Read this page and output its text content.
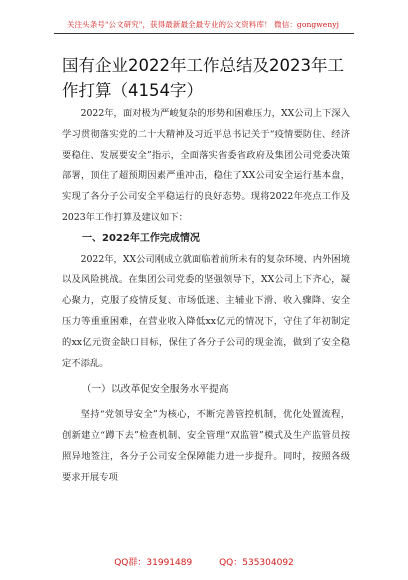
关注头条号"公文研究"，获得最新最全最专业的公文资料库！ 微信：gongwenyj
国有企业2022年工作总结及2023年工作打算（4154字）

2022年，面对极为严峻复杂的形势和困难压力，XX公司上下深入学习贯彻落实党的二十大精神及习近平总书记关于“疫情要防住、经济要稳住、发展要安全”指示，全面落实省委省政府及集团公司党委决策部署，顶住了超预期因素严重冲击，稳住了XX公司安全运行基本盘，实现了各分子公司安全平稳运行的良好态势。现将2022年亮点工作及2023年工作打算及建议如下：

一、2022年工作完成情况

2022年，XX公司刚成立就面临着前所未有的复杂环境、内外困境以及风险挑战。在集团公司党委的坚强领导下，XX公司上下齐心，凝心聚力，克服了疫情反复、市场低迷、主辅业下滑、收入骤降、安全压力等重重困难，在营业收入降低xx亿元的情况下，守住了年初制定的xx亿元资金缺口目标，保住了各分子公司的现金流，做到了安全稳定不添乱。

（一）以改革促安全服务水平提高

坚持“党领导安全”为核心，不断完善管控机制，优化处置流程，创新建立“蹲下去”检查机制、安全管理“双监管”模式及生产监管员按照异地签注，各分子公司安全保障能力进一步提升。同时，按照各级要求开展专项

QQ群：31991489	QQ：535304092
